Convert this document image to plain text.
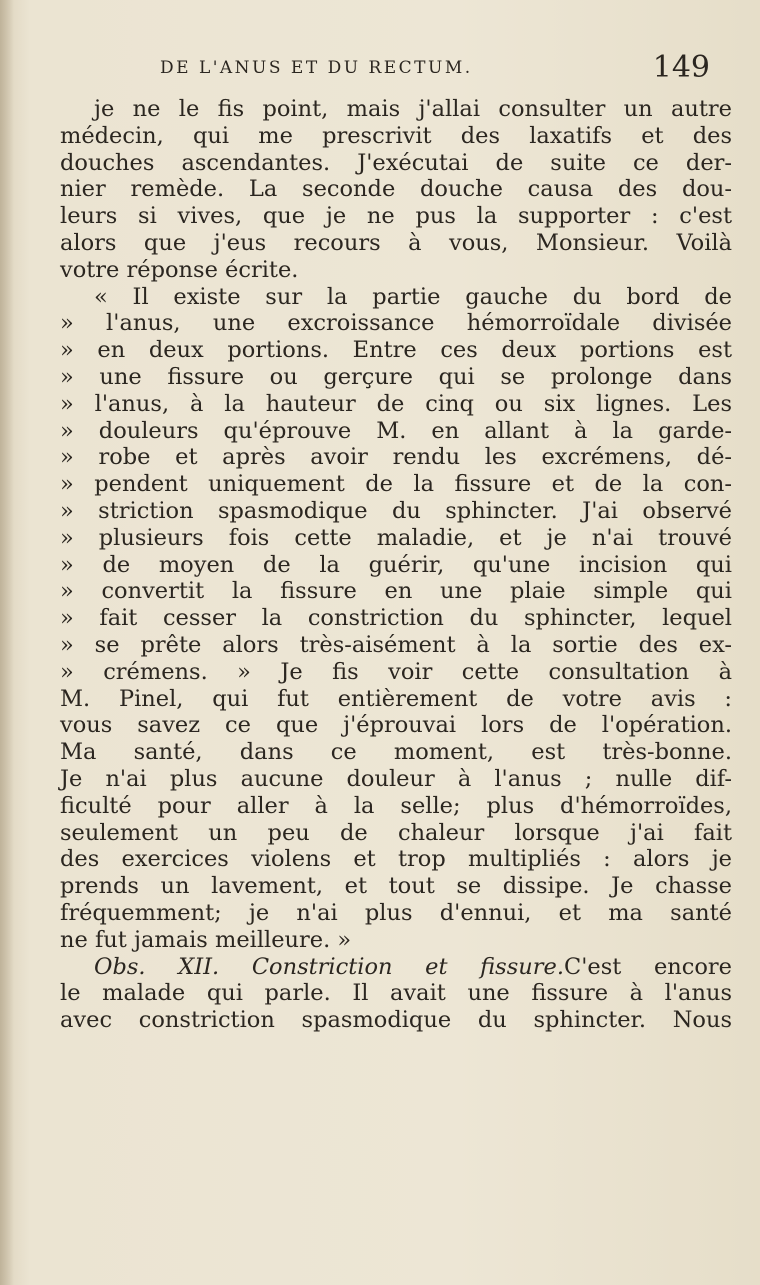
DE L'ANUS ET DU RECTUM.	149
je ne le fis point, mais j'allai consulter un autre
médecin, qui me prescrivit des laxatifs et des
douches ascendantes. J'exécutai de suite ce der-
nier remède. La seconde douche causa des dou-
leurs si vives, que je ne pus la supporter : c'est
alors que j'eus recours à vous, Monsieur. Voilà
votre réponse écrite.
« Il existe sur la partie gauche du bord de
» l'anus, une excroissance hémorroïdale divisée
» en deux portions. Entre ces deux portions est
» une fissure ou gerçure qui se prolonge dans
» l'anus, à la hauteur de cinq ou six lignes. Les
» douleurs qu'éprouve M. en allant à la garde-
» robe et après avoir rendu les excrémens, dé-
» pendent uniquement de la fissure et de la con-
» striction spasmodique du sphincter. J'ai observé
» plusieurs fois cette maladie, et je n'ai trouvé
» de moyen de la guérir, qu'une incision qui
» convertit la fissure en une plaie simple qui
» fait cesser la constriction du sphincter, lequel
» se prête alors très-aisément à la sortie des ex-
» crémens. » Je fis voir cette consultation à
M. Pinel, qui fut entièrement de votre avis :
vous savez ce que j'éprouvai lors de l'opération.
Ma santé, dans ce moment, est très-bonne.
Je n'ai plus aucune douleur à l'anus ; nulle dif-
ficulté pour aller à la selle; plus d'hémorroïdes,
seulement un peu de chaleur lorsque j'ai fait
des exercices violens et trop multipliés : alors je
prends un lavement, et tout se dissipe. Je chasse
fréquemment; je n'ai plus d'ennui, et ma santé
ne fut jamais meilleure. »
Obs. XII. Constriction et fissure.C'est encore
le malade qui parle. Il avait une fissure à l'anus
avec constriction spasmodique du sphincter. Nous
